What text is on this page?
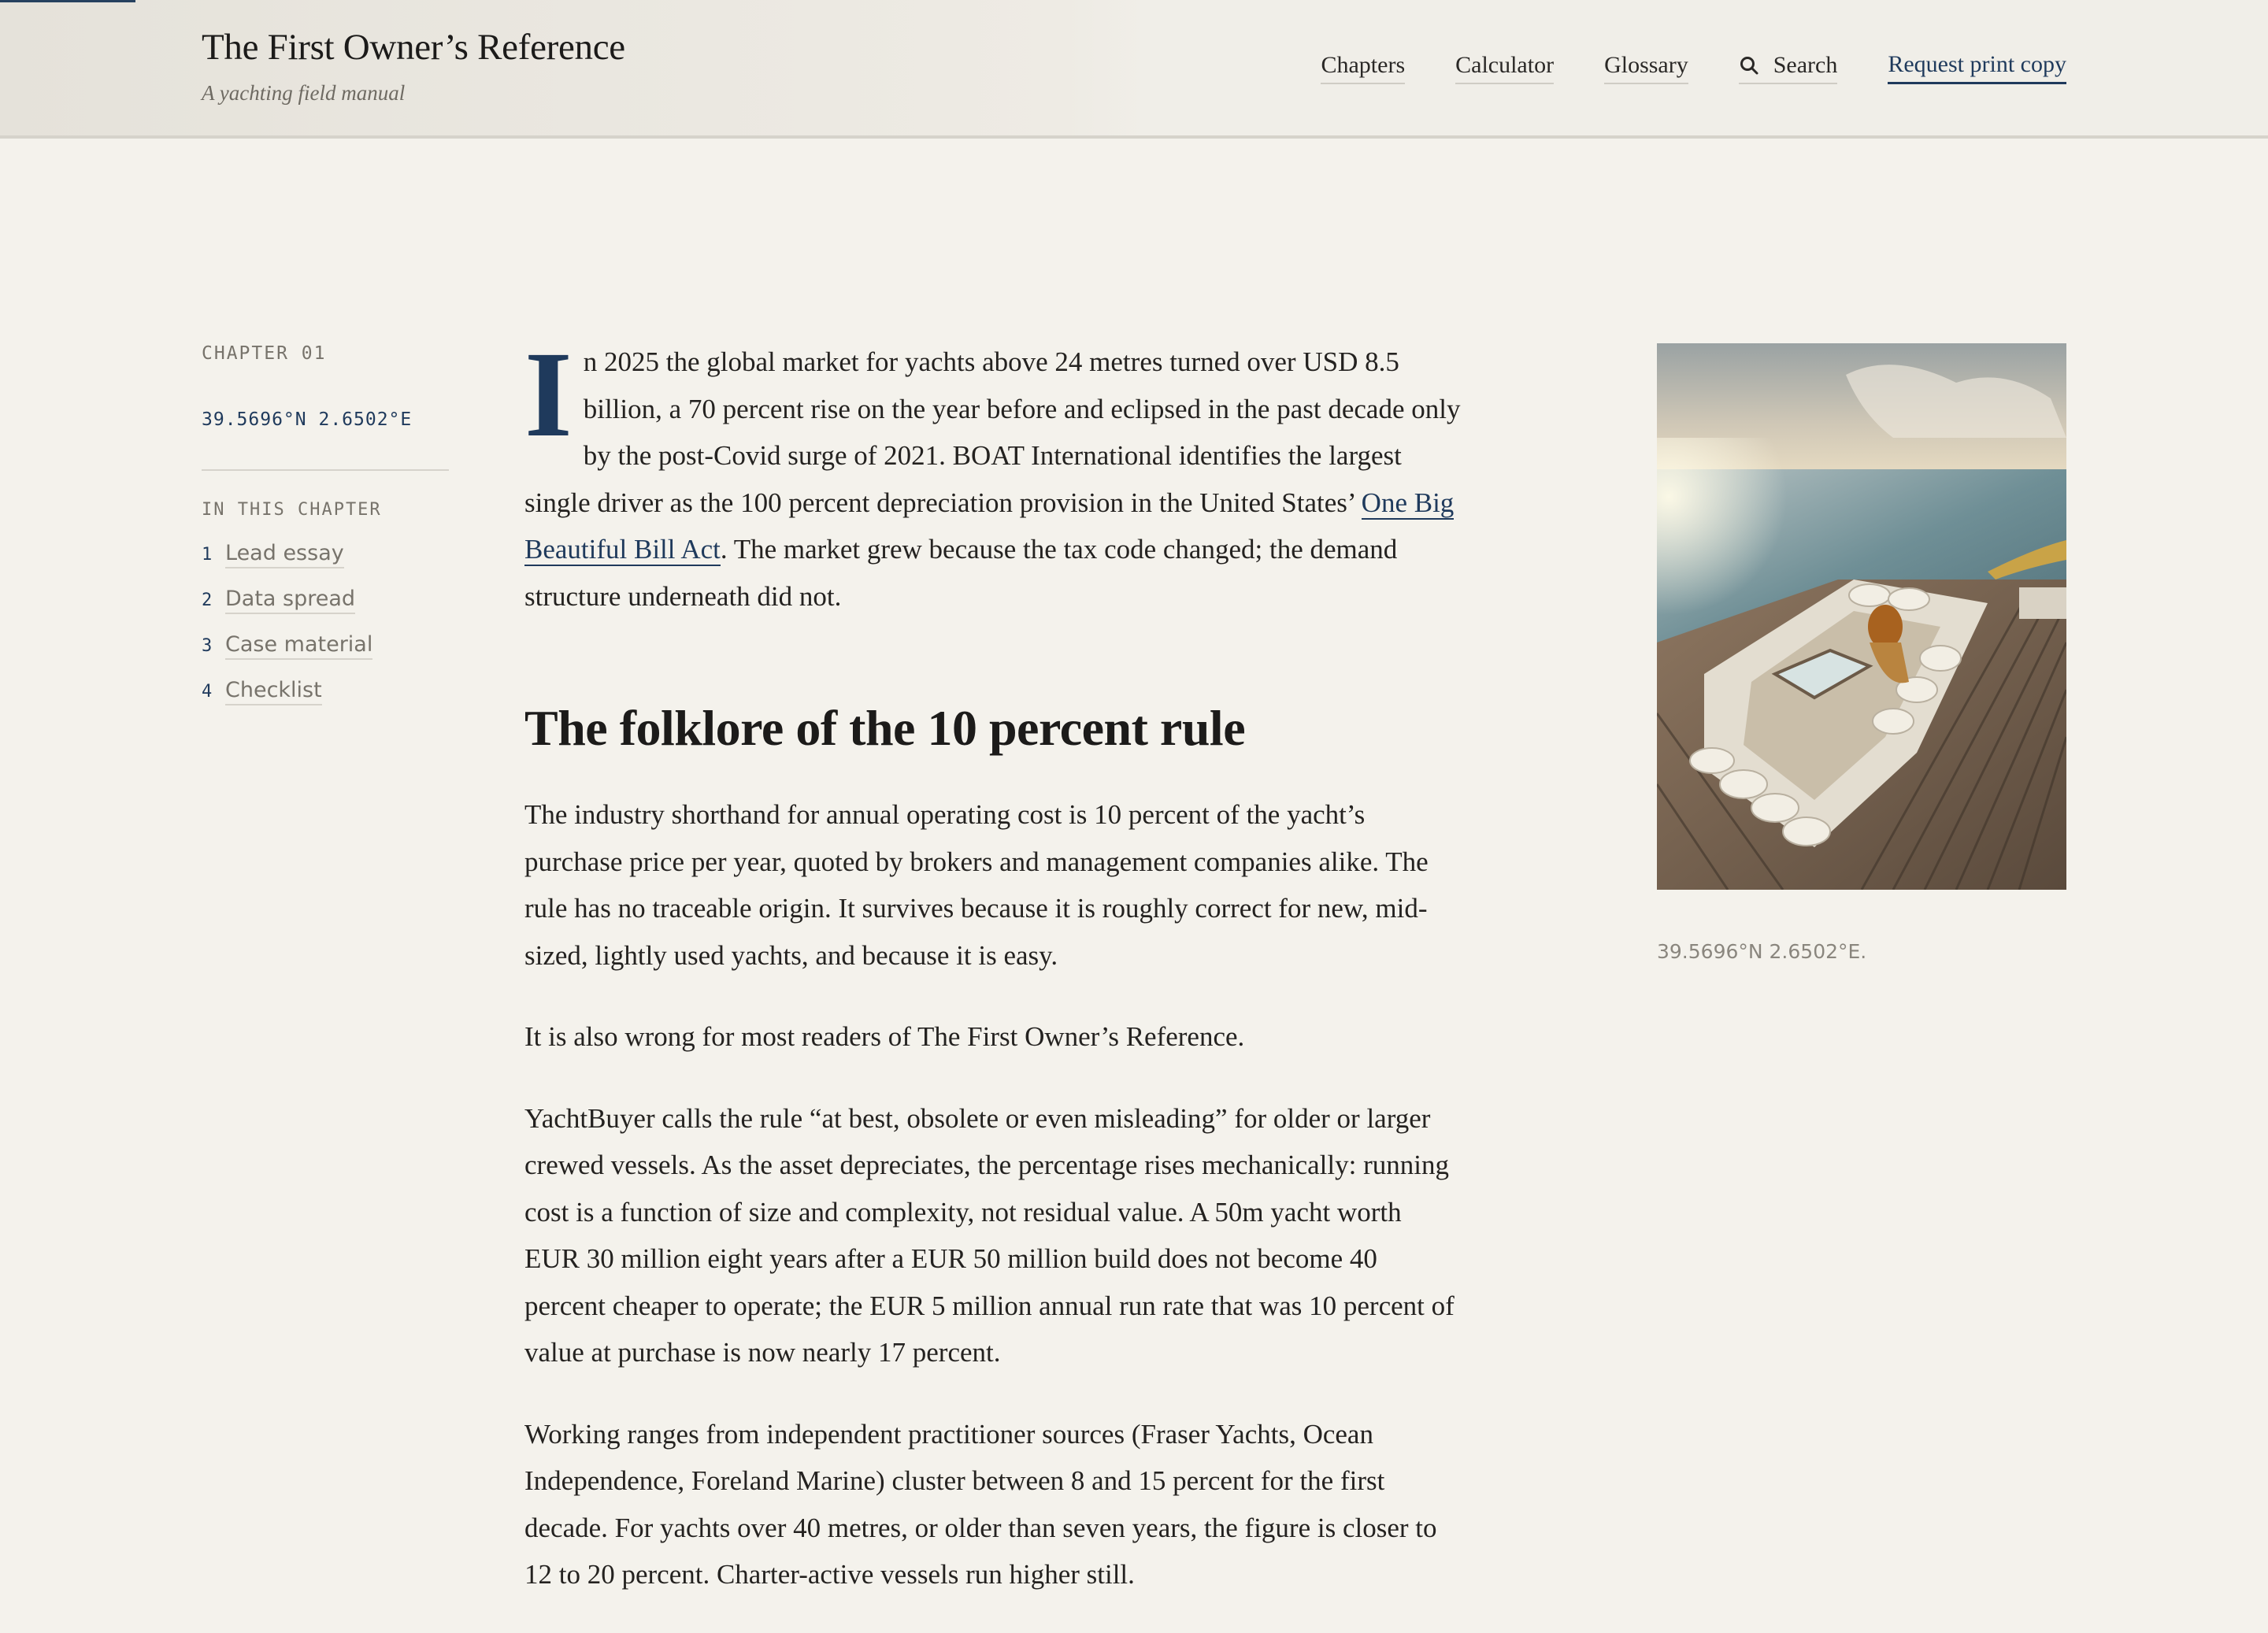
The First Owner’s Reference
A yachting field manual
Chapters Calculator Glossary	Search Request print copy
CHAPTER 01
39.5696°N 2.6502°E
IN THIS CHAPTER
1 Lead essay
2 Data spread
3 Case material
4 Checklist

In 2025 the global market for yachts above 24 metres turned over USD 8.5 billion, a 70 percent rise on the year before and eclipsed in the past decade only by the post-Covid surge of 2021. BOAT International identifies the largest single driver as the 100 percent depreciation provision in the United States’ One Big Beautiful Bill Act. The market grew because the tax code changed; the demand structure underneath did not.

The folklore of the 10 percent rule

The industry shorthand for annual operating cost is 10 percent of the yacht’s purchase price per year, quoted by brokers and management companies alike. The rule has no traceable origin. It survives because it is roughly correct for new, mid-sized, lightly used yachts, and because it is easy.

It is also wrong for most readers of The First Owner’s Reference.

YachtBuyer calls the rule “at best, obsolete or even misleading” for older or larger crewed vessels. As the asset depreciates, the percentage rises mechanically: running cost is a function of size and complexity, not residual value. A 50m yacht worth EUR 30 million eight years after a EUR 50 million build does not become 40 percent cheaper to operate; the EUR 5 million annual run rate that was 10 percent of value at purchase is now nearly 17 percent.

Working ranges from independent practitioner sources (Fraser Yachts, Ocean Independence, Foreland Marine) cluster between 8 and 15 percent for the first decade. For yachts over 40 metres, or older than seven years, the figure is closer to 12 to 20 percent. Charter-active vessels run higher still.

39.5696°N 2.6502°E.
